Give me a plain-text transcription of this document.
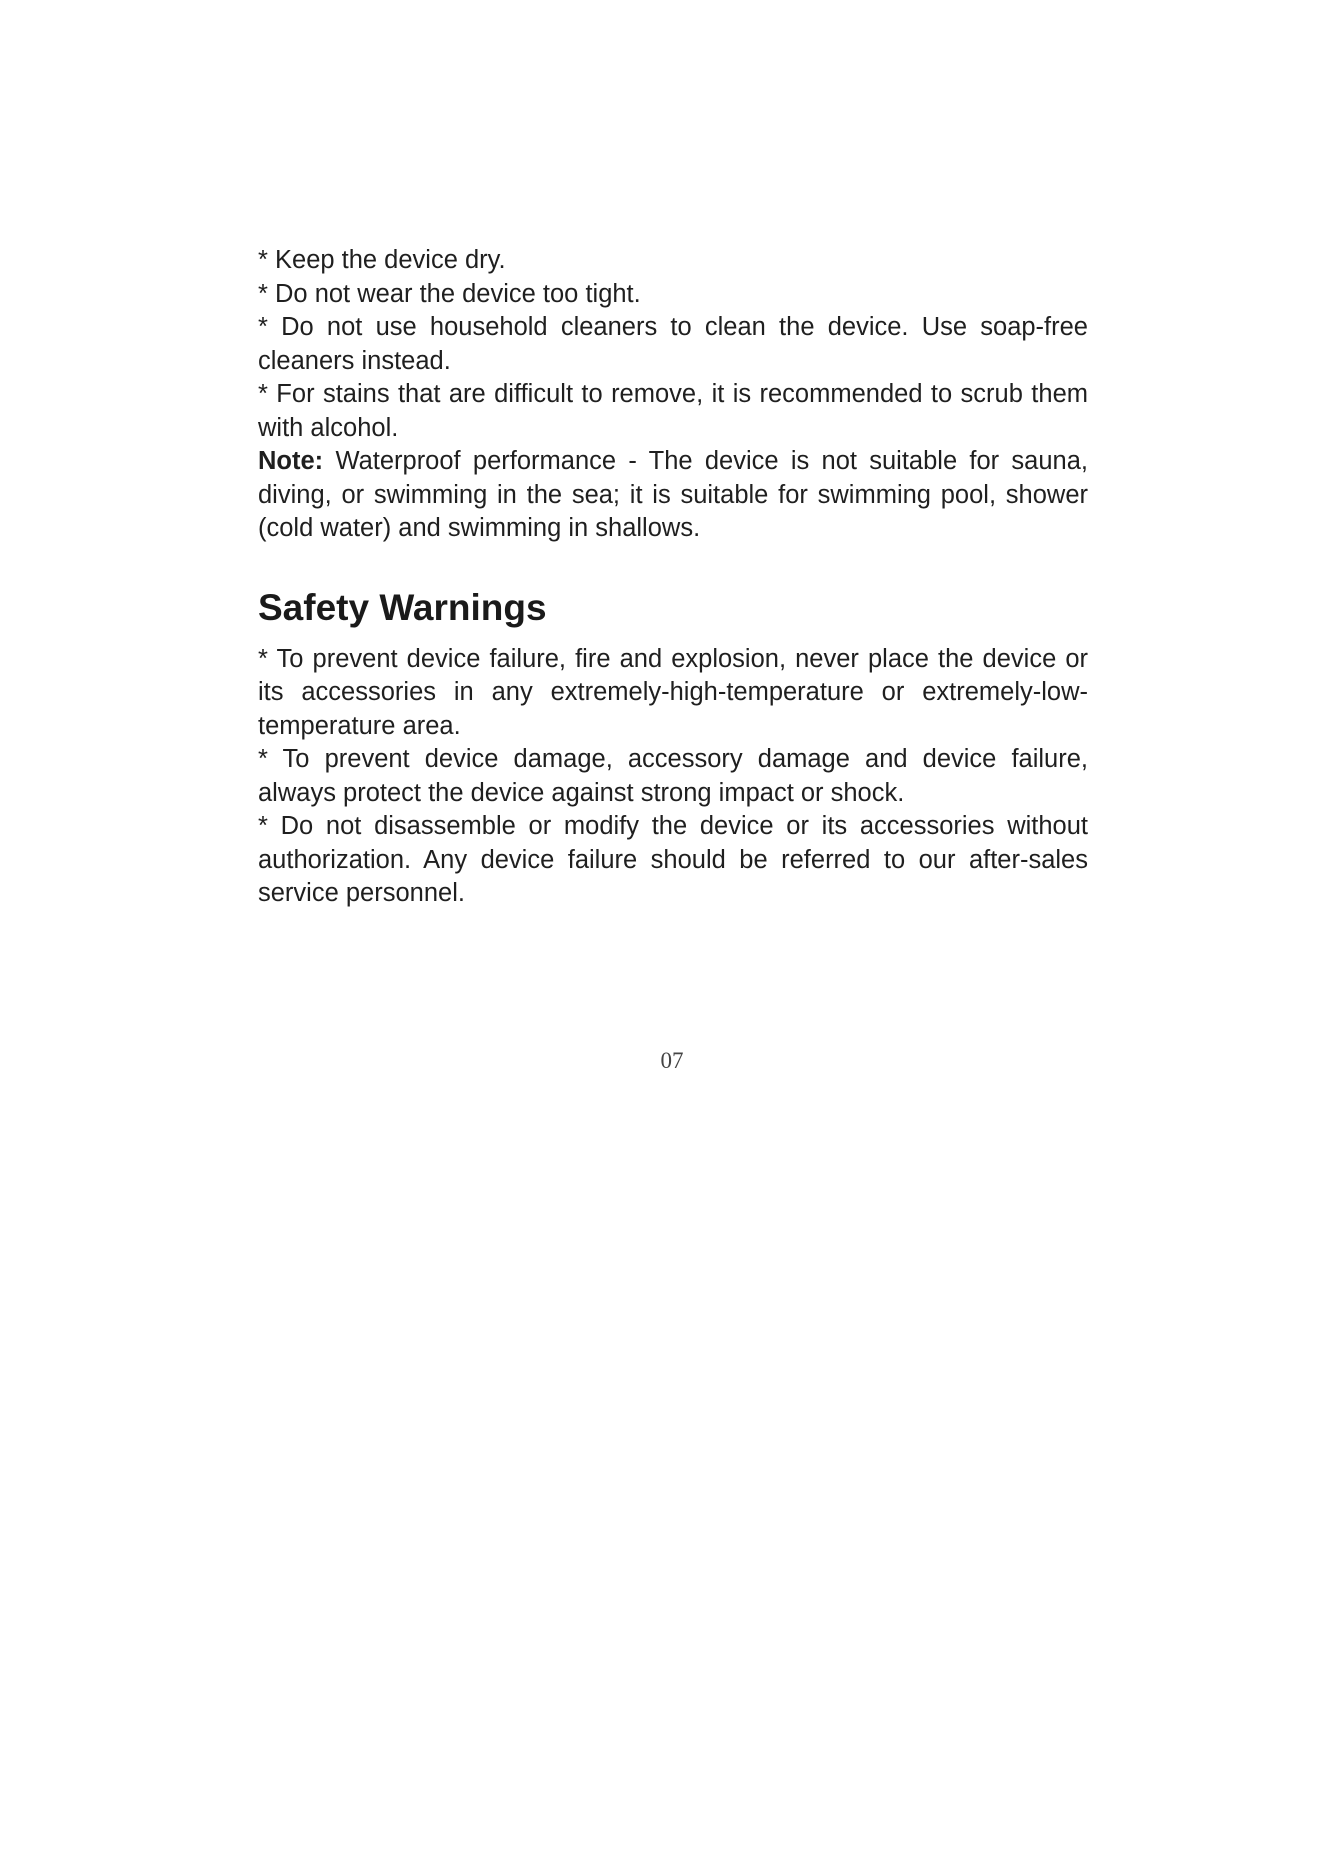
* Keep the device dry.

* Do not wear the device too tight.

* Do not use household cleaners to clean the device. Use soap-free cleaners instead.

* For stains that are difficult to remove, it is recommended to scrub them with alcohol.

Note: Waterproof performance - The device is not suitable for sauna, diving, or swimming in the sea; it is suitable for swimming pool, shower (cold water) and swimming in shallows.

Safety Warnings

* To prevent device failure, fire and explosion, never place the device or its accessories in any extremely-high-temperature or extremely-low-temperature area.

* To prevent device damage, accessory damage and device failure, always protect the device against strong impact or shock.

* Do not disassemble or modify the device or its accessories without authorization. Any device failure should be referred to our after-sales service personnel.

07
